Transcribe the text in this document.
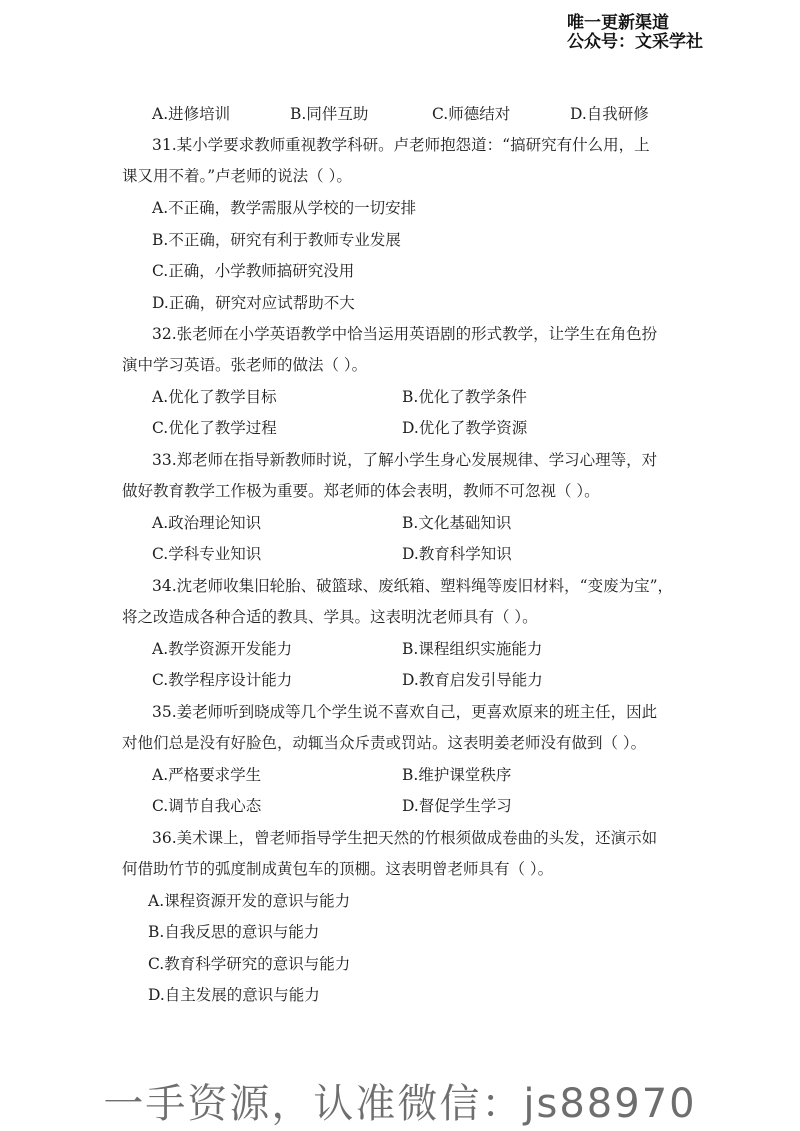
唯一更新渠道
公众号：文采学社
A.进修培训	B.同伴互助	C.师德结对	D.自我研修
31.某小学要求教师重视教学科研。卢老师抱怨道：“搞研究有什么用，上
课又用不着。”卢老师的说法（ ）。
A.不正确，教学需服从学校的一切安排
B.不正确，研究有利于教师专业发展
C.正确，小学教师搞研究没用
D.正确，研究对应试帮助不大
32.张老师在小学英语教学中恰当运用英语剧的形式教学，让学生在角色扮
演中学习英语。张老师的做法（ ）。
A.优化了教学目标	B.优化了教学条件
C.优化了教学过程	D.优化了教学资源
33.郑老师在指导新教师时说，了解小学生身心发展规律、学习心理等，对
做好教育教学工作极为重要。郑老师的体会表明，教师不可忽视（ ）。
A.政治理论知识	B.文化基础知识
C.学科专业知识	D.教育科学知识
34.沈老师收集旧轮胎、破篮球、废纸箱、塑料绳等废旧材料，“变废为宝”，
将之改造成各种合适的教具、学具。这表明沈老师具有（ ）。
A.教学资源开发能力	B.课程组织实施能力
C.教学程序设计能力	D.教育启发引导能力
35.姜老师听到晓成等几个学生说不喜欢自己，更喜欢原来的班主任，因此
对他们总是没有好脸色，动辄当众斥责或罚站。这表明姜老师没有做到（ ）。
A.严格要求学生	B.维护课堂秩序
C.调节自我心态	D.督促学生学习
36.美术课上，曾老师指导学生把天然的竹根须做成卷曲的头发，还演示如
何借助竹节的弧度制成黄包车的顶棚。这表明曾老师具有（ ）。
A.课程资源开发的意识与能力
B.自我反思的意识与能力
C.教育科学研究的意识与能力
D.自主发展的意识与能力
一手资源，认准微信：js88970
